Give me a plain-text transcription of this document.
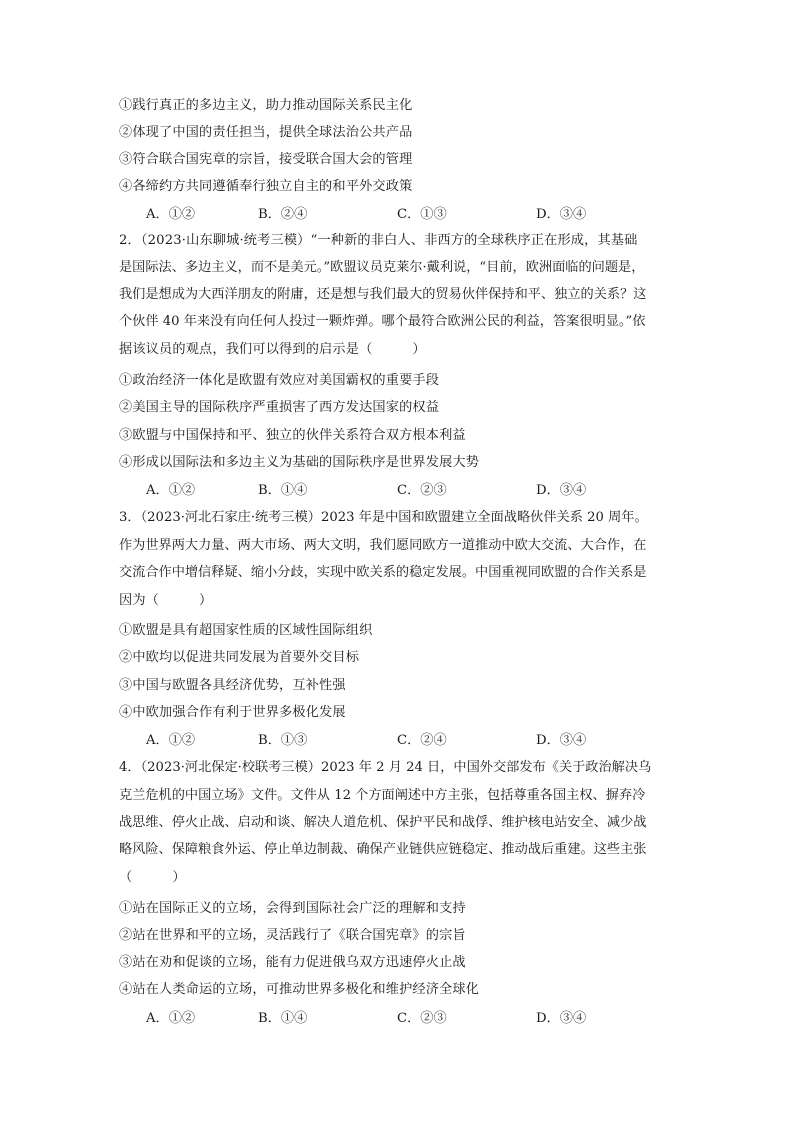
①践行真正的多边主义，助力推动国际关系民主化
②体现了中国的责任担当，提供全球法治公共产品
③符合联合国宪章的宗旨，接受联合国大会的管理
④各缔约方共同遵循奉行独立自主的和平外交政策
A．①②	B．②④	C．①③	D．③④
2．（2023·山东聊城·统考三模）“一种新的非白人、非西方的全球秩序正在形成，其基础
是国际法、多边主义，而不是美元。”欧盟议员克莱尔·戴利说，“目前，欧洲面临的问题是，
我们是想成为大西洋朋友的附庸，还是想与我们最大的贸易伙伴保持和平、独立的关系？这
个伙伴 40 年来没有向任何人投过一颗炸弹。哪个最符合欧洲公民的利益，答案很明显。”依
据该议员的观点，我们可以得到的启示是（　　　）
①政治经济一体化是欧盟有效应对美国霸权的重要手段
②美国主导的国际秩序严重损害了西方发达国家的权益
③欧盟与中国保持和平、独立的伙伴关系符合双方根本利益
④形成以国际法和多边主义为基础的国际秩序是世界发展大势
A．①②	B．①④	C．②③	D．③④
3．（2023·河北石家庄·统考三模）2023 年是中国和欧盟建立全面战略伙伴关系 20 周年。
作为世界两大力量、两大市场、两大文明，我们愿同欧方一道推动中欧大交流、大合作，在
交流合作中增信释疑、缩小分歧，实现中欧关系的稳定发展。中国重视同欧盟的合作关系是
因为（　　　）
①欧盟是具有超国家性质的区域性国际组织
②中欧均以促进共同发展为首要外交目标
③中国与欧盟各具经济优势，互补性强
④中欧加强合作有利于世界多极化发展
A．①②	B．①③	C．②④	D．③④
4．（2023·河北保定·校联考三模）2023 年 2 月 24 日，中国外交部发布《关于政治解决乌
克兰危机的中国立场》文件。文件从 12 个方面阐述中方主张，包括尊重各国主权、摒弃冷
战思维、停火止战、启动和谈、解决人道危机、保护平民和战俘、维护核电站安全、减少战
略风险、保障粮食外运、停止单边制裁、确保产业链供应链稳定、推动战后重建。这些主张
（　　　）
①站在国际正义的立场，会得到国际社会广泛的理解和支持
②站在世界和平的立场，灵活践行了《联合国宪章》的宗旨
③站在劝和促谈的立场，能有力促进俄乌双方迅速停火止战
④站在人类命运的立场，可推动世界多极化和维护经济全球化
A．①②	B．①④	C．②③	D．③④
